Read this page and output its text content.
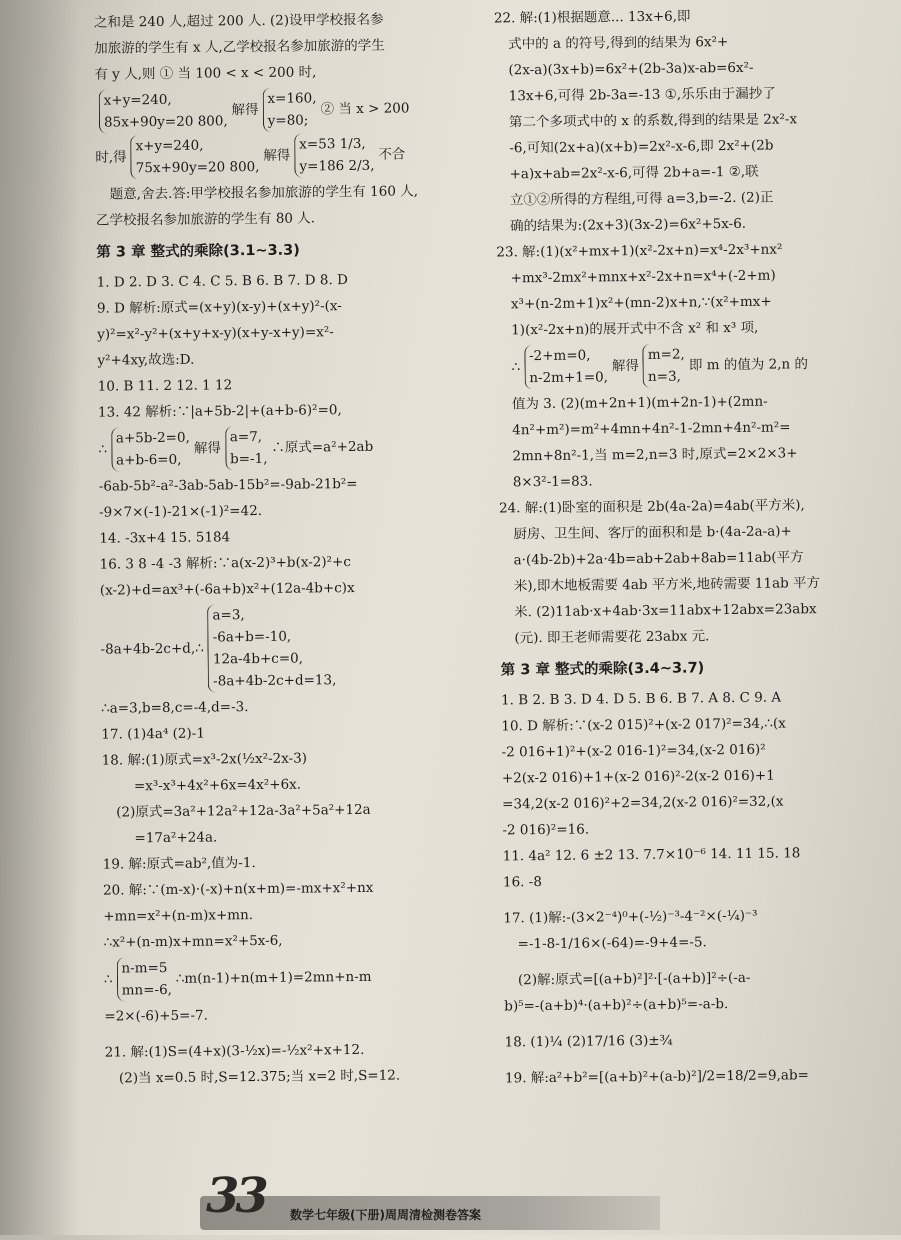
之和是 240 人,超过 200 人. (2)设甲学校报名参
加旅游的学生有 x 人,乙学校报名参加旅游的学生
有 y 人,则 ① 当 100 < x < 200 时,
x+y=240,
85x+90y=20 800,
解得
x=160,
y=80;
② 当 x > 200
时,得
x+y=240,
75x+90y=20 800,
解得
x=53 1/3,
y=186 2/3,
不合
题意,舍去.答:甲学校报名参加旅游的学生有 160 人,
乙学校报名参加旅游的学生有 80 人.
第 3 章 整式的乘除(3.1~3.3)
1. D 2. D 3. C 4. C 5. B 6. B 7. D 8. D
9. D 解析:原式=(x+y)(x-y)+(x+y)²-(x-
y)²=x²-y²+(x+y+x-y)(x+y-x+y)=x²-
y²+4xy,故选:D.
10. B 11. 2 12. 1 12
13. 42 解析:∵|a+5b-2|+(a+b-6)²=0,
∴
a+5b-2=0,
a+b-6=0,
解得
a=7,
b=-1,
∴原式=a²+2ab
-6ab-5b²-a²-3ab-5ab-15b²=-9ab-21b²=
-9×7×(-1)-21×(-1)²=42.
14. -3x+4 15. 5184
16. 3 8 -4 -3 解析:∵a(x-2)³+b(x-2)²+c
(x-2)+d=ax³+(-6a+b)x²+(12a-4b+c)x
-8a+4b-2c+d,∴
a=3,
-6a+b=-10,
12a-4b+c=0,
-8a+4b-2c+d=13,
∴a=3,b=8,c=-4,d=-3.
17. (1)4a⁴ (2)-1
18. 解:(1)原式=x³-2x(½x²-2x-3)
=x³-x³+4x²+6x=4x²+6x.
(2)原式=3a²+12a²+12a-3a²+5a²+12a
=17a²+24a.
19. 解:原式=ab²,值为-1.
20. 解:∵(m-x)·(-x)+n(x+m)=-mx+x²+nx
+mn=x²+(n-m)x+mn.
∴x²+(n-m)x+mn=x²+5x-6,
∴
n-m=5
mn=-6,
∴m(n-1)+n(m+1)=2mn+n-m
=2×(-6)+5=-7.
21. 解:(1)S=(4+x)(3-½x)=-½x²+x+12.
(2)当 x=0.5 时,S=12.375;当 x=2 时,S=12.
22. 解:(1)根据题意... 13x+6,即
式中的 a 的符号,得到的结果为 6x²+
(2x-a)(3x+b)=6x²+(2b-3a)x-ab=6x²-
13x+6,可得 2b-3a=-13 ①,乐乐由于漏抄了
第二个多项式中的 x 的系数,得到的结果是 2x²-x
-6,可知(2x+a)(x+b)=2x²-x-6,即 2x²+(2b
+a)x+ab=2x²-x-6,可得 2b+a=-1 ②,联
立①②所得的方程组,可得 a=3,b=-2. (2)正
确的结果为:(2x+3)(3x-2)=6x²+5x-6.
23. 解:(1)(x²+mx+1)(x²-2x+n)=x⁴-2x³+nx²
+mx³-2mx²+mnx+x²-2x+n=x⁴+(-2+m)
x³+(n-2m+1)x²+(mn-2)x+n,∵(x²+mx+
1)(x²-2x+n)的展开式中不含 x² 和 x³ 项,
∴
-2+m=0,
n-2m+1=0,
解得
m=2,
n=3,
即 m 的值为 2,n 的
值为 3. (2)(m+2n+1)(m+2n-1)+(2mn-
4n²+m²)=m²+4mn+4n²-1-2mn+4n²-m²=
2mn+8n²-1,当 m=2,n=3 时,原式=2×2×3+
8×3²-1=83.
24. 解:(1)卧室的面积是 2b(4a-2a)=4ab(平方米),
厨房、卫生间、客厅的面积和是 b·(4a-2a-a)+
a·(4b-2b)+2a·4b=ab+2ab+8ab=11ab(平方
米),即木地板需要 4ab 平方米,地砖需要 11ab 平方
米. (2)11ab·x+4ab·3x=11abx+12abx=23abx
(元). 即王老师需要花 23abx 元.
第 3 章 整式的乘除(3.4~3.7)
1. B 2. B 3. D 4. D 5. B 6. B 7. A 8. C 9. A
10. D 解析:∵(x-2 015)²+(x-2 017)²=34,∴(x
-2 016+1)²+(x-2 016-1)²=34,(x-2 016)²
+2(x-2 016)+1+(x-2 016)²-2(x-2 016)+1
=34,2(x-2 016)²+2=34,2(x-2 016)²=32,(x
-2 016)²=16.
11. 4a² 12. 6 ±2 13. 7.7×10⁻⁶ 14. 11 15. 18
16. -8
17. (1)解:-(3×2⁻⁴)⁰+(-½)⁻³-4⁻²×(-¼)⁻³
=-1-8-1/16×(-64)=-9+4=-5.
(2)解:原式=[(a+b)²]²·[-(a+b)]²÷(-a-
b)⁵=-(a+b)⁴·(a+b)²÷(a+b)⁵=-a-b.
18. (1)¼ (2)17/16 (3)±¾
19. 解:a²+b²=[(a+b)²+(a-b)²]/2=18/2=9,ab=
33 数学七年级(下册)周周清检测卷答案
